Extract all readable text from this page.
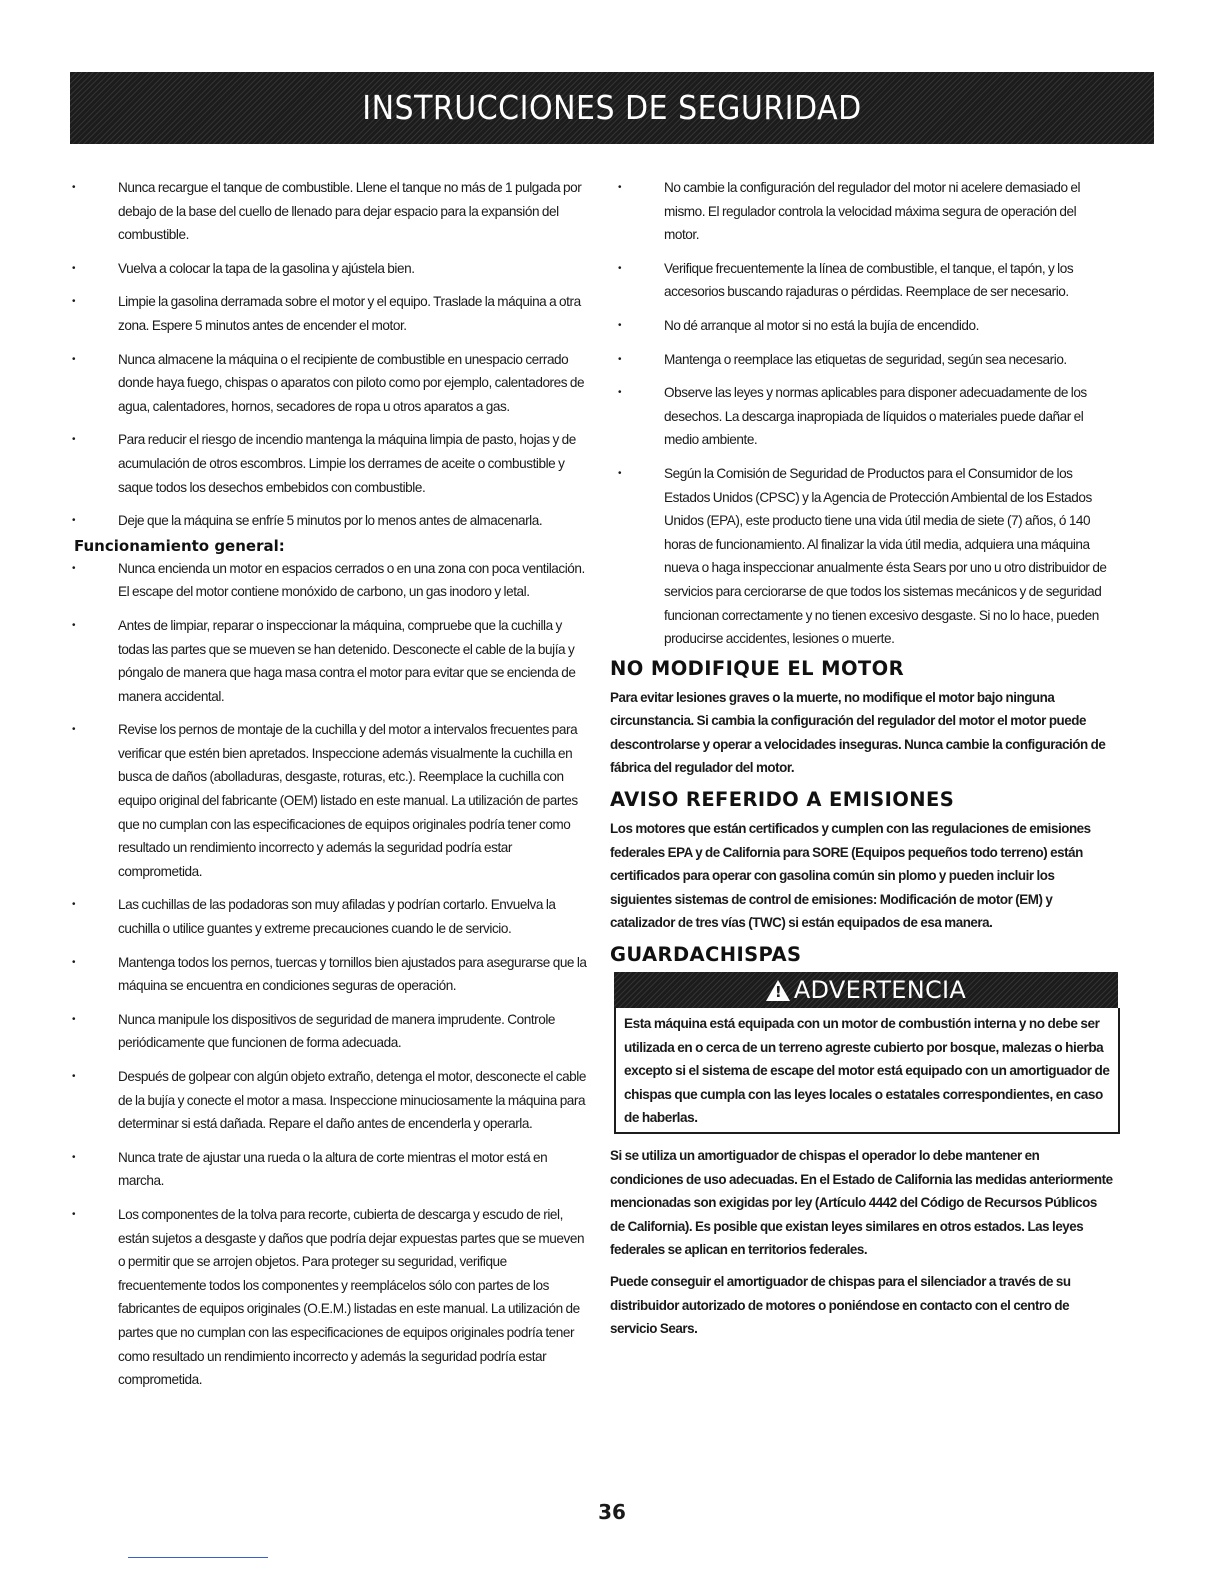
INSTRUCCIONES DE SEGURIDAD
• Nunca recargue el tanque de combustible. Llene el tanque no más de 1 pulgada por debajo de la base del cuello de llenado para dejar espacio para la expansión del combustible.
• Vuelva a colocar la tapa de la gasolina y ajústela bien.
• Limpie la gasolina derramada sobre el motor y el equipo. Traslade la máquina a otra zona. Espere 5 minutos antes de encender el motor.
• Nunca almacene la máquina o el recipiente de combustible en unespacio cerrado donde haya fuego, chispas o aparatos con piloto como por ejemplo, calentadores de agua, calentadores, hornos, secadores de ropa u otros aparatos a gas.
• Para reducir el riesgo de incendio mantenga la máquina limpia de pasto, hojas y de acumulación de otros escombros. Limpie los derrames de aceite o combustible y saque todos los desechos embebidos con combustible.
• Deje que la máquina se enfríe 5 minutos por lo menos antes de almacenarla.
Funcionamiento general:
• Nunca encienda un motor en espacios cerrados o en una zona con poca ventilación. El escape del motor contiene monóxido de carbono, un gas inodoro y letal.
• Antes de limpiar, reparar o inspeccionar la máquina, compruebe que la cuchilla y todas las partes que se mueven se han detenido. Desconecte el cable de la bujía y póngalo de manera que haga masa contra el motor para evitar que se encienda de manera accidental.
• Revise los pernos de montaje de la cuchilla y del motor a intervalos frecuentes para verificar que estén bien apretados. Inspeccione además visualmente la cuchilla en busca de daños (abolladuras, desgaste, roturas, etc.). Reemplace la cuchilla con equipo original del fabricante (OEM) listado en este manual. La utilización de partes que no cumplan con las especificaciones de equipos originales podría tener como resultado un rendimiento incorrecto y además la seguridad podría estar comprometida.
• Las cuchillas de las podadoras son muy afiladas y podrían cortarlo. Envuelva la cuchilla o utilice guantes y extreme precauciones cuando le de servicio.
• Mantenga todos los pernos, tuercas y tornillos bien ajustados para asegurarse que la máquina se encuentra en condiciones seguras de operación.
• Nunca manipule los dispositivos de seguridad de manera imprudente. Controle periódicamente que funcionen de forma adecuada.
• Después de golpear con algún objeto extraño, detenga el motor, desconecte el cable de la bujía y conecte el motor a masa. Inspeccione minuciosamente la máquina para determinar si está dañada. Repare el daño antes de encenderla y operarla.
• Nunca trate de ajustar una rueda o la altura de corte mientras el motor está en marcha.
• Los componentes de la tolva para recorte, cubierta de descarga y escudo de riel, están sujetos a desgaste y daños que podría dejar expuestas partes que se mueven o permitir que se arrojen objetos. Para proteger su seguridad, verifique frecuentemente todos los componentes y reemplácelos sólo con partes de los fabricantes de equipos originales (O.E.M.) listadas en este manual. La utilización de partes que no cumplan con las especificaciones de equipos originales podría tener como resultado un rendimiento incorrecto y además la seguridad podría estar comprometida.
• No cambie la configuración del regulador del motor ni acelere demasiado el mismo. El regulador controla la velocidad máxima segura de operación del motor.
• Verifique frecuentemente la línea de combustible, el tanque, el tapón, y los accesorios buscando rajaduras o pérdidas. Reemplace de ser necesario.
• No dé arranque al motor si no está la bujía de encendido.
• Mantenga o reemplace las etiquetas de seguridad, según sea necesario.
• Observe las leyes y normas aplicables para disponer adecuadamente de los desechos. La descarga inapropiada de líquidos o materiales puede dañar el medio ambiente.
• Según la Comisión de Seguridad de Productos para el Consumidor de los Estados Unidos (CPSC) y la Agencia de Protección Ambiental de los Estados Unidos (EPA), este producto tiene una vida útil media de siete (7) años, ó 140 horas de funcionamiento. Al finalizar la vida útil media, adquiera una máquina nueva o haga inspeccionar anualmente ésta Sears por uno u otro distribuidor de servicios para cerciorarse de que todos los sistemas mecánicos y de seguridad funcionan correctamente y no tienen excesivo desgaste. Si no lo hace, pueden producirse accidentes, lesiones o muerte.
NO MODIFIQUE EL MOTOR

Para evitar lesiones graves o la muerte, no modifique el motor bajo ninguna circunstancia. Si cambia la configuración del regulador del motor el motor puede descontrolarse y operar a velocidades inseguras. Nunca cambie la configuración de fábrica del regulador del motor.

AVISO REFERIDO A EMISIONES

Los motores que están certificados y cumplen con las regulaciones de emisiones federales EPA y de California para SORE (Equipos pequeños todo terreno) están certificados para operar con gasolina común sin plomo y pueden incluir los siguientes sistemas de control de emisiones: Modificación de motor (EM) y catalizador de tres vías (TWC) si están equipados de esa manera.

GUARDACHISPAS
!
ADVERTENCIA

Esta máquina está equipada con un motor de combustión interna y no debe ser utilizada en o cerca de un terreno agreste cubierto por bosque, malezas o hierba excepto si el sistema de escape del motor está equipado con un amortiguador de chispas que cumpla con las leyes locales o estatales correspondientes, en caso de haberlas.

Si se utiliza un amortiguador de chispas el operador lo debe mantener en condiciones de uso adecuadas. En el Estado de California las medidas anteriormente mencionadas son exigidas por ley (Artículo 4442 del Código de Recursos Públicos de California). Es posible que existan leyes similares en otros estados. Las leyes federales se aplican en territorios federales.

Puede conseguir el amortiguador de chispas para el silenciador a través de su distribuidor autorizado de motores o poniéndose en contacto con el centro de servicio Sears.

36
